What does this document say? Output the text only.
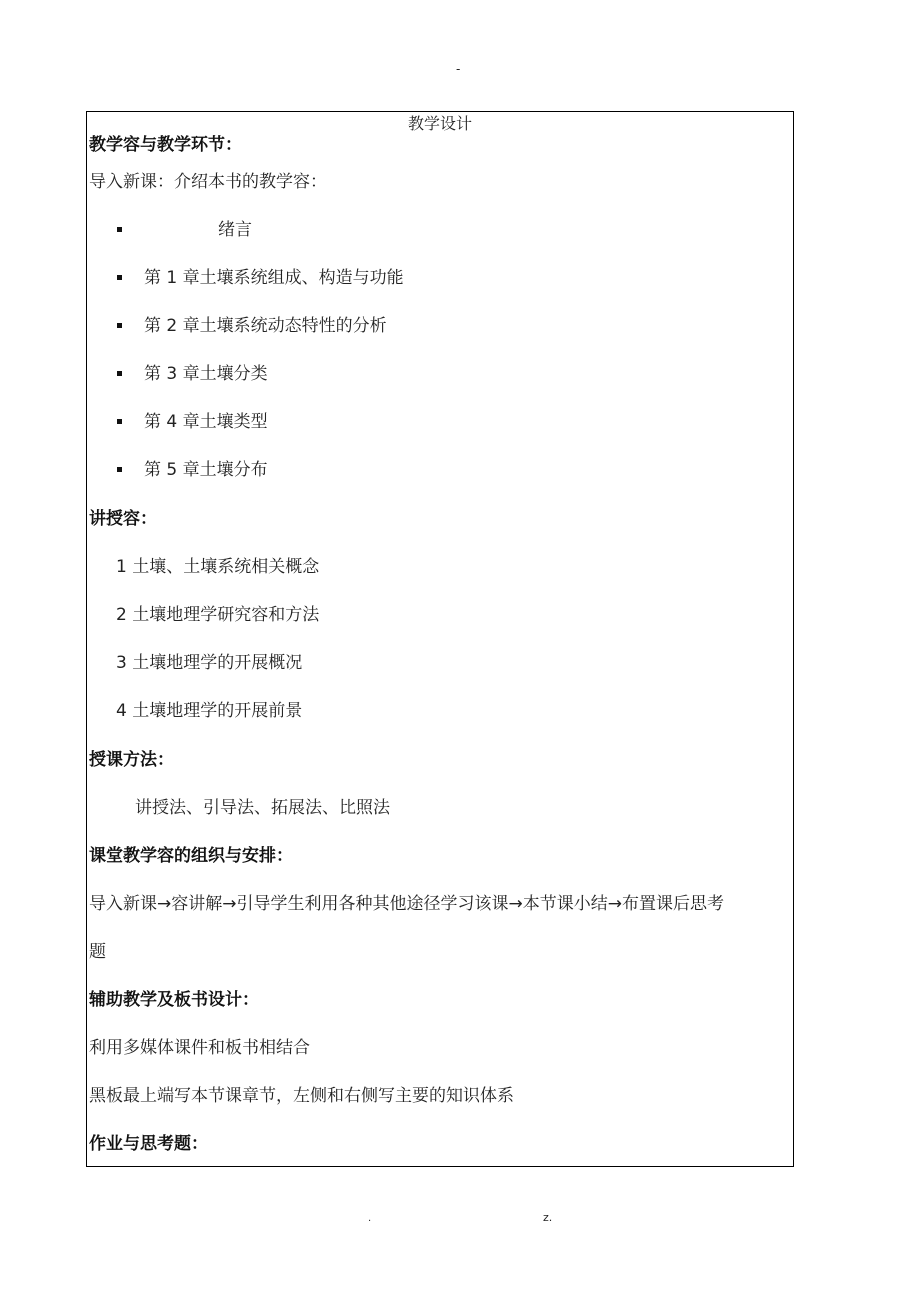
-
教学设计
教学容与教学环节：
导入新课：介绍本书的教学容：
绪言
第 1 章土壤系统组成、构造与功能
第 2 章土壤系统动态特性的分析
第 3 章土壤分类
第 4 章土壤类型
第 5 章土壤分布
讲授容：
1 土壤、土壤系统相关概念
2 土壤地理学研究容和方法
3 土壤地理学的开展概况
4 土壤地理学的开展前景
授课方法：
讲授法、引导法、拓展法、比照法
课堂教学容的组织与安排：
导入新课→容讲解→引导学生利用各种其他途径学习该课→本节课小结→布置课后思考
题
辅助教学及板书设计：
利用多媒体课件和板书相结合
黑板最上端写本节课章节，左侧和右侧写主要的知识体系
作业与思考题：
.	z.
